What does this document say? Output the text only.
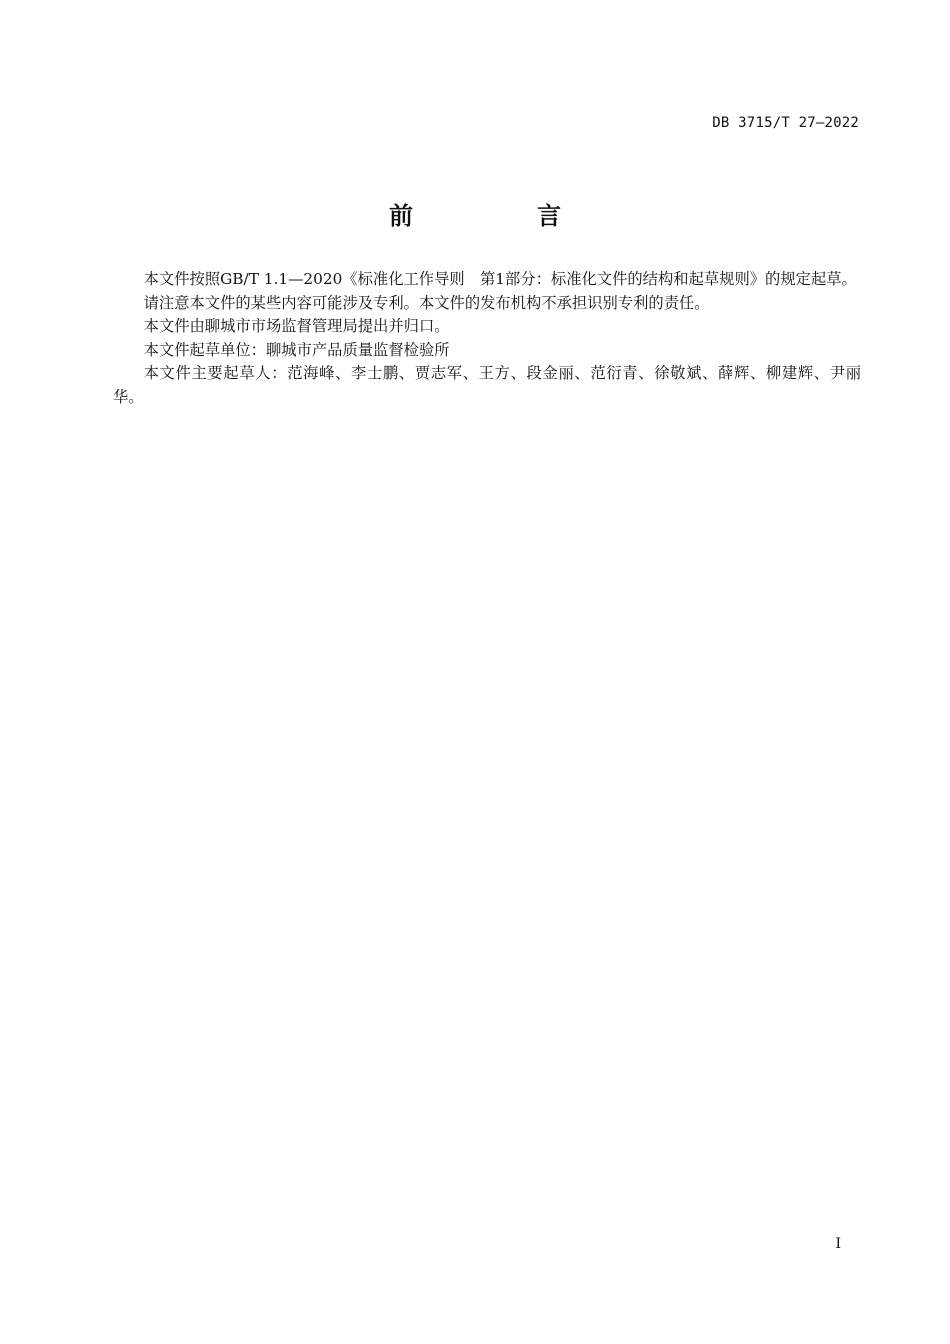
DB 3715/T 27—2022
前　言

本文件按照GB/T 1.1—2020《标准化工作导则　第1部分：标准化文件的结构和起草规则》的规定起草。

请注意本文件的某些内容可能涉及专利。本文件的发布机构不承担识别专利的责任。

本文件由聊城市市场监督管理局提出并归口。

本文件起草单位：聊城市产品质量监督检验所

本文件主要起草人：范海峰、李士鹏、贾志军、王方、段金丽、范衍青、徐敬斌、薛辉、柳建辉、尹丽华。

I
